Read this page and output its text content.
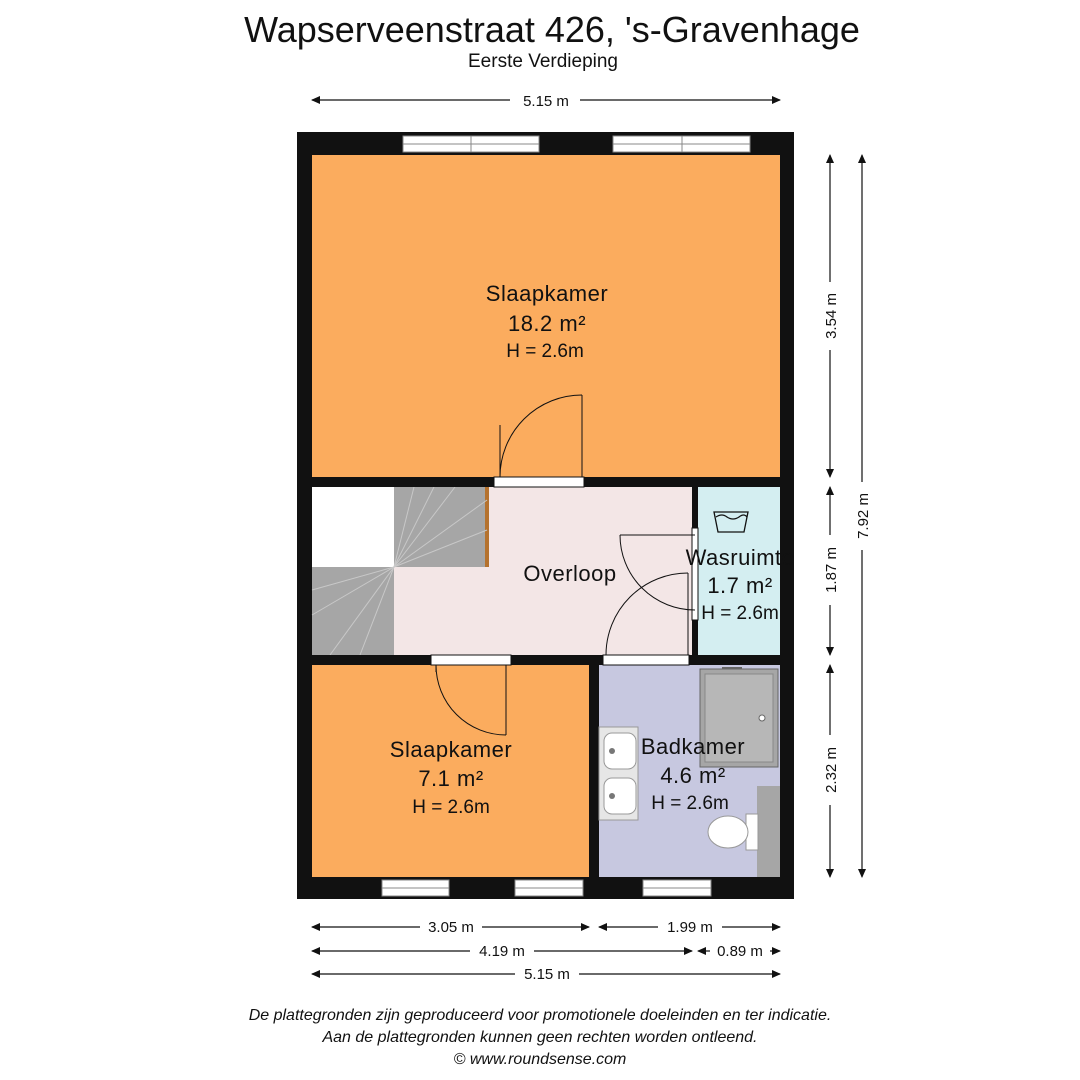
Wapserveenstraat 426, 's-Gravenhage
Eerste Verdieping
5.15 m
Slaapkamer
18.2 m²
H = 2.6m
Overloop
Wasruimte
1.7 m²
H = 2.6m
Slaapkamer
7.1 m²
H = 2.6m
Badkamer
4.6 m²
H = 2.6m
3.54 m
1.87 m
2.32 m
7.92 m
3.05 m	1.99 m
4.19 m	0.89 m
5.15 m
De plattegronden zijn geproduceerd voor promotionele doeleinden en ter indicatie.
Aan de plattegronden kunnen geen rechten worden ontleend.
© www.roundsense.com
